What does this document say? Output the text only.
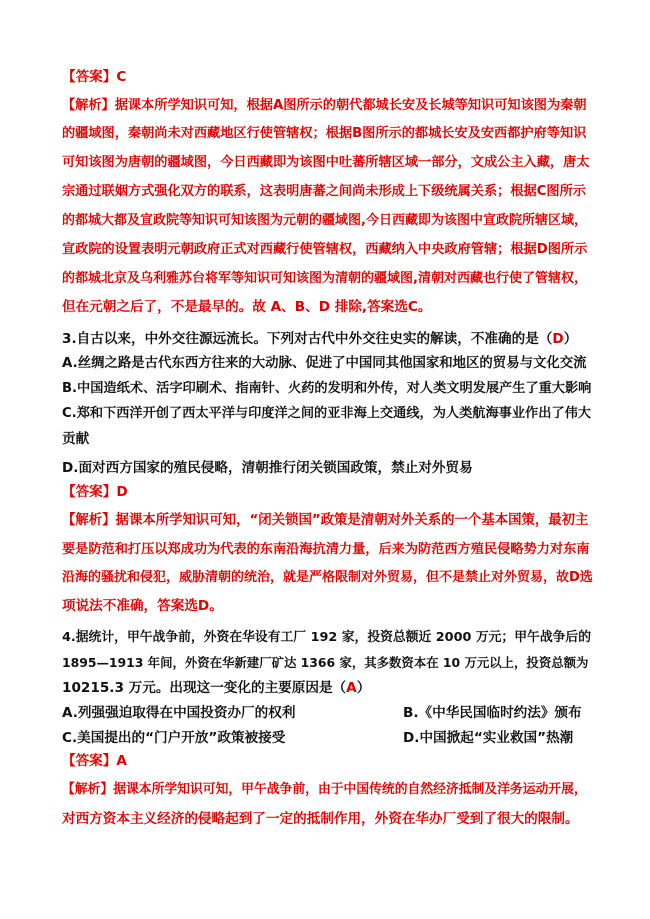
【答案】C
【解析】据课本所学知识可知，根据A图所示的朝代都城长安及长城等知识可知该图为秦朝
的疆域图，秦朝尚未对西藏地区行使管辖权；根据B图所示的都城长安及安西都护府等知识
可知该图为唐朝的疆域图，今日西藏即为该图中吐蕃所辖区域一部分，文成公主入藏，唐太
宗通过联姻方式强化双方的联系，这表明唐蕃之间尚未形成上下级统属关系；根据C图所示
的都城大都及宣政院等知识可知该图为元朝的疆域图,今日西藏即为该图中宣政院所辖区域，
宣政院的设置表明元朝政府正式对西藏行使管辖权，西藏纳入中央政府管辖；根据D图所示
的都城北京及乌利雅苏台将军等知识可知该图为清朝的疆域图,清朝对西藏也行使了管辖权，
但在元朝之后了，不是最早的。故 A、B、D 排除,答案选C。
3.自古以来，中外交往源远流长。下列对古代中外交往史实的解读，不准确的是（D）
A.丝绸之路是古代东西方往来的大动脉、促进了中国同其他国家和地区的贸易与文化交流
B.中国造纸术、活字印刷术、指南针、火药的发明和外传，对人类文明发展产生了重大影响
C.郑和下西洋开创了西太平洋与印度洋之间的亚非海上交通线，为人类航海事业作出了伟大
贡献
D.面对西方国家的殖民侵略，清朝推行闭关锁国政策，禁止对外贸易
【答案】D
【解析】据课本所学知识可知，“闭关锁国”政策是清朝对外关系的一个基本国策，最初主
要是防范和打压以郑成功为代表的东南沿海抗清力量，后来为防范西方殖民侵略势力对东南
沿海的骚扰和侵犯，威胁清朝的统治，就是严格限制对外贸易，但不是禁止对外贸易，故D选
项说法不准确，答案选D。
4.据统计，甲午战争前，外资在华设有工厂 192 家，投资总额近 2000 万元；甲午战争后的
1895—1913 年间，外资在华新建厂矿达 1366 家，其多数资本在 10 万元以上，投资总额为
10215.3 万元。出现这一变化的主要原因是（A）
A.列强强迫取得在中国投资办厂的权利	B.《中华民国临时约法》颁布
C.美国提出的“门户开放”政策被接受	D.中国掀起“实业救国”热潮
【答案】A
【解析】据课本所学知识可知，甲午战争前，由于中国传统的自然经济抵制及洋务运动开展，
对西方资本主义经济的侵略起到了一定的抵制作用，外资在华办厂受到了很大的限制。
